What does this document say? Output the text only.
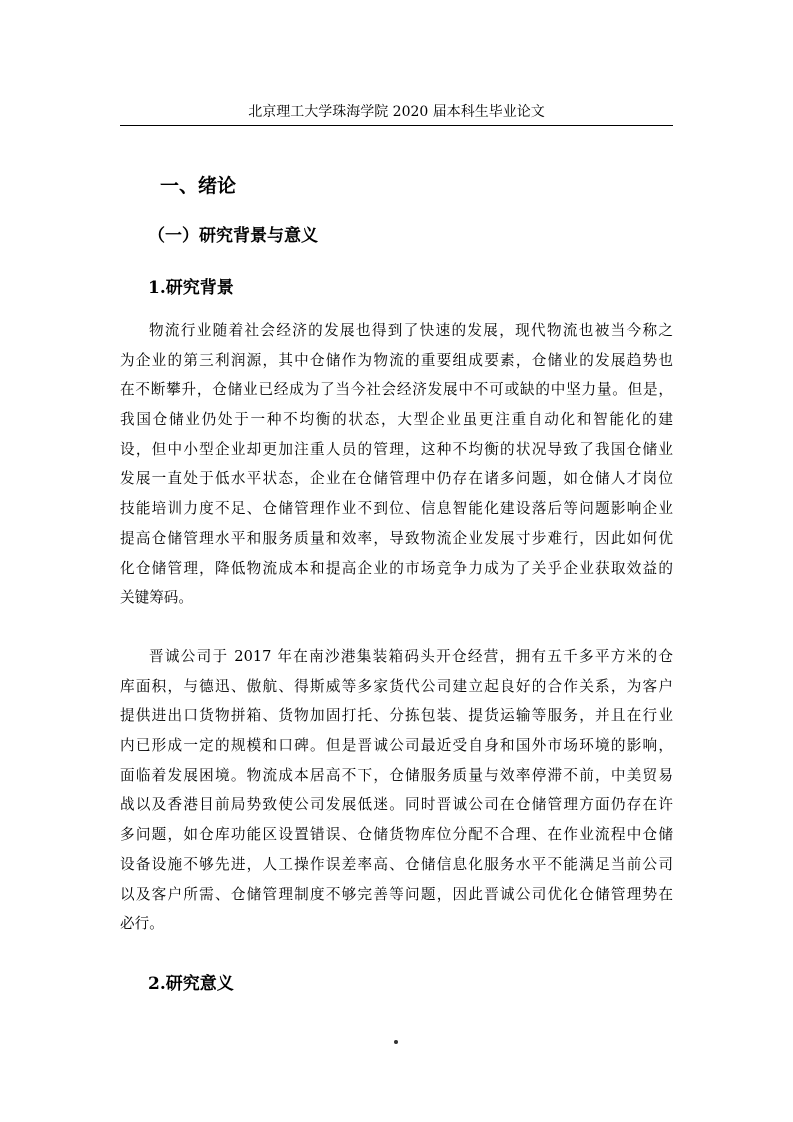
北京理工大学珠海学院 2020 届本科生毕业论文
一、绪论
（一）研究背景与意义
1.研究背景
物流行业随着社会经济的发展也得到了快速的发展，现代物流也被当今称之
为企业的第三利润源，其中仓储作为物流的重要组成要素，仓储业的发展趋势也
在不断攀升，仓储业已经成为了当今社会经济发展中不可或缺的中坚力量。但是，
我国仓储业仍处于一种不均衡的状态，大型企业虽更注重自动化和智能化的建
设，但中小型企业却更加注重人员的管理，这种不均衡的状况导致了我国仓储业
发展一直处于低水平状态，企业在仓储管理中仍存在诸多问题，如仓储人才岗位
技能培训力度不足、仓储管理作业不到位、信息智能化建设落后等问题影响企业
提高仓储管理水平和服务质量和效率，导致物流企业发展寸步难行，因此如何优
化仓储管理，降低物流成本和提高企业的市场竞争力成为了关乎企业获取效益的
关键筹码。
晋诚公司于 2017 年在南沙港集装箱码头开仓经营，拥有五千多平方米的仓
库面积，与德迅、傲航、得斯威等多家货代公司建立起良好的合作关系，为客户
提供进出口货物拼箱、货物加固打托、分拣包装、提货运输等服务，并且在行业
内已形成一定的规模和口碑。但是晋诚公司最近受自身和国外市场环境的影响，
面临着发展困境。物流成本居高不下，仓储服务质量与效率停滞不前，中美贸易
战以及香港目前局势致使公司发展低迷。同时晋诚公司在仓储管理方面仍存在许
多问题，如仓库功能区设置错误、仓储货物库位分配不合理、在作业流程中仓储
设备设施不够先进，人工操作误差率高、仓储信息化服务水平不能满足当前公司
以及客户所需、仓储管理制度不够完善等问题，因此晋诚公司优化仓储管理势在
必行。
2.研究意义
